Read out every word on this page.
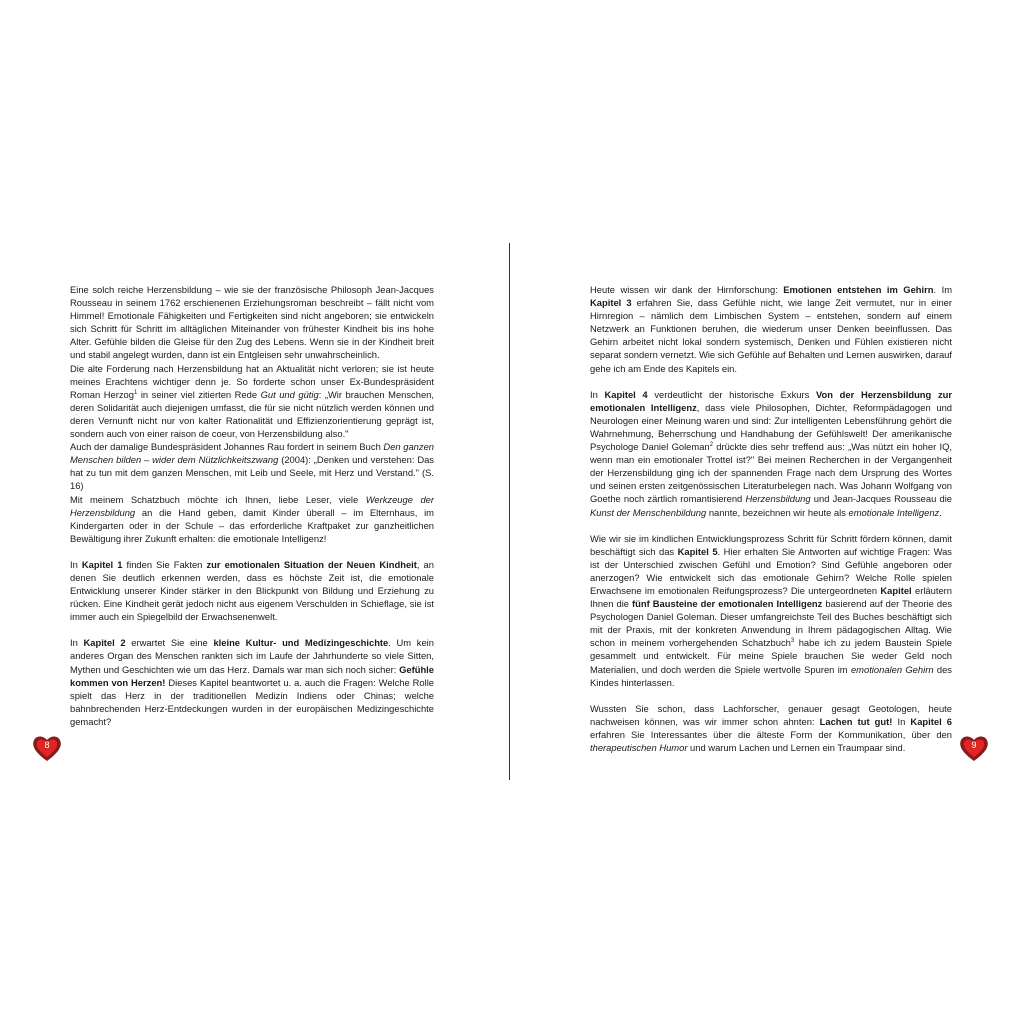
Eine solch reiche Herzensbildung – wie sie der französische Philosoph Jean-Jacques Rousseau in seinem 1762 erschienenen Erziehungsroman beschreibt – fällt nicht vom Himmel! Emotionale Fähigkeiten und Fertigkeiten sind nicht angeboren; sie entwickeln sich Schritt für Schritt im alltäglichen Miteinander von frühester Kindheit bis ins hohe Alter. Gefühle bilden die Gleise für den Zug des Lebens. Wenn sie in der Kindheit breit und stabil angelegt wurden, dann ist ein Entgleisen sehr unwahrscheinlich.

Die alte Forderung nach Herzensbildung hat an Aktualität nicht verloren; sie ist heute meines Erachtens wichtiger denn je. So forderte schon unser Ex-Bundespräsident Roman Herzog$^1$ in seiner viel zitierten Rede Gut und gütig: „Wir brauchen Menschen, deren Solidarität auch diejenigen umfasst, die für sie nicht nützlich werden können und deren Vernunft nicht nur von kalter Rationalität und Effizienzorientierung geprägt ist, sondern auch von einer raison de coeur, von Herzensbildung also."

Auch der damalige Bundespräsident Johannes Rau fordert in seinem Buch Den ganzen Menschen bilden – wider dem Nützlichkeitszwang (2004): „Denken und verstehen: Das hat zu tun mit dem ganzen Menschen, mit Leib und Seele, mit Herz und Verstand." (S. 16)

Mit meinem Schatzbuch möchte ich Ihnen, liebe Leser, viele Werkzeuge der Herzensbildung an die Hand geben, damit Kinder überall – im Elternhaus, im Kindergarten oder in der Schule – das erforderliche Kraftpaket zur ganzheitlichen Bewältigung ihrer Zukunft erhalten: die emotionale Intelligenz!

In Kapitel 1 finden Sie Fakten zur emotionalen Situation der Neuen Kindheit, an denen Sie deutlich erkennen werden, dass es höchste Zeit ist, die emotionale Entwicklung unserer Kinder stärker in den Blickpunkt von Bildung und Erziehung zu rücken. Eine Kindheit gerät jedoch nicht aus eigenem Verschulden in Schieflage, sie ist immer auch ein Spiegelbild der Erwachsenenwelt.

In Kapitel 2 erwartet Sie eine kleine Kultur- und Medizingeschichte. Um kein anderes Organ des Menschen rankten sich im Laufe der Jahrhunderte so viele Sitten, Mythen und Geschichten wie um das Herz. Damals war man sich noch sicher: Gefühle kommen von Herzen! Dieses Kapitel beantwortet u. a. auch die Fragen: Welche Rolle spielt das Herz in der traditionellen Medizin Indiens oder Chinas; welche bahnbrechenden Herz-Entdeckungen wurden in der europäischen Medizingeschichte gemacht?

Heute wissen wir dank der Hirnforschung: Emotionen entstehen im Gehirn. Im Kapitel 3 erfahren Sie, dass Gefühle nicht, wie lange Zeit vermutet, nur in einer Hirnregion – nämlich dem Limbischen System – entstehen, sondern auf einem Netzwerk an Funktionen beruhen, die wiederum unser Denken beeinflussen. Das Gehirn arbeitet nicht lokal sondern systemisch, Denken und Fühlen existieren nicht separat sondern vernetzt. Wie sich Gefühle auf Behalten und Lernen auswirken, darauf gehe ich am Ende des Kapitels ein.

In Kapitel 4 verdeutlicht der historische Exkurs Von der Herzensbildung zur emotionalen Intelligenz, dass viele Philosophen, Dichter, Reformpädagogen und Neurologen einer Meinung waren und sind: Zur intelligenten Lebensführung gehört die Wahrnehmung, Beherrschung und Handhabung der Gefühlswelt! Der amerikanische Psychologe Daniel Goleman$^2$ drückte dies sehr treffend aus: „Was nützt ein hoher IQ, wenn man ein emotionaler Trottel ist?" Bei meinen Recherchen in der Vergangenheit der Herzensbildung ging ich der spannenden Frage nach dem Ursprung des Wortes und seinen ersten zeitgenössischen Literaturbelegen nach. Was Johann Wolfgang von Goethe noch zärtlich romantisierend Herzensbildung und Jean-Jacques Rousseau die Kunst der Menschenbildung nannte, bezeichnen wir heute als emotionale Intelligenz.

Wie wir sie im kindlichen Entwicklungsprozess Schritt für Schritt fördern können, damit beschäftigt sich das Kapitel 5. Hier erhalten Sie Antworten auf wichtige Fragen: Was ist der Unterschied zwischen Gefühl und Emotion? Sind Gefühle angeboren oder anerzogen? Wie entwickelt sich das emotionale Gehirn? Welche Rolle spielen Erwachsene im emotionalen Reifungsprozess? Die untergeordneten Kapitel erläutern Ihnen die fünf Bausteine der emotionalen Intelligenz basierend auf der Theorie des Psychologen Daniel Goleman. Dieser umfangreichste Teil des Buches beschäftigt sich mit der Praxis, mit der konkreten Anwendung in Ihrem pädagogischen Alltag. Wie schon in meinem vorhergehenden Schatzbuch$^3$ habe ich zu jedem Baustein Spiele gesammelt und entwickelt. Für meine Spiele brauchen Sie weder Geld noch Materialien, und doch werden die Spiele wertvolle Spuren im emotionalen Gehirn des Kindes hinterlassen.

Wussten Sie schon, dass Lachforscher, genauer gesagt Geotologen, heute nachweisen können, was wir immer schon ahnten: Lachen tut gut! In Kapitel 6 erfahren Sie Interessantes über die älteste Form der Kommunikation, über den therapeutischen Humor und warum Lachen und Lernen ein Traumpaar sind.

8	9
